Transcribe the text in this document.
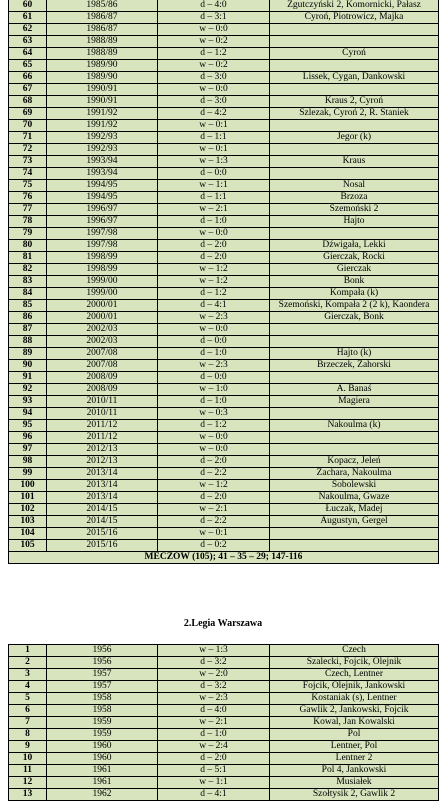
60	1985/86	d – 4:0	Zgutczyński 2, Komornicki, Pałasz
61	1986/87	d – 3:1	Cyroń, Piotrowicz, Majka
62	1986/87	w – 0:0	
63	1988/89	w – 0:2	
64	1988/89	d – 1:2	Cyroń
65	1989/90	w – 0:2	
66	1989/90	d – 3:0	Lissek, Cygan, Dankowski
67	1990/91	w – 0:0	
68	1990/91	d – 3:0	Kraus 2, Cyroń
69	1991/92	d – 4:2	Szlezak, Cyroń 2, R. Staniek
70	1991/92	w – 0:1	
71	1992/93	d – 1:1	Jegor (k)
72	1992/93	w – 0:1	
73	1993/94	w – 1:3	Kraus
74	1993/94	d – 0:0	
75	1994/95	w – 1:1	Nosal
76	1994/95	d – 1:1	Brzoza
77	1996/97	w – 2:1	Szemoński 2
78	1996/97	d – 1:0	Hajto
79	1997/98	w – 0:0	
80	1997/98	d – 2:0	Dźwigała, Lekki
81	1998/99	d – 2:0	Gierczak, Rocki
82	1998/99	w – 1:2	Gierczak
83	1999/00	w – 1:2	Bonk
84	1999/00	d – 1:2	Kompała (k)
85	2000/01	d – 4:1	Szemoński, Kompała 2 (2 k), Kaondera
86	2000/01	w – 2:3	Gierczak, Bonk
87	2002/03	w – 0:0	
88	2002/03	d – 0:0	
89	2007/08	d – 1:0	Hajto (k)
90	2007/08	w – 2:3	Brzeczek, Zahorski
91	2008/09	d – 0:0	
92	2008/09	w – 1:0	A. Banaś
93	2010/11	d – 1:0	Magiera
94	2010/11	w – 0:3	
95	2011/12	d – 1:2	Nakoulma (k)
96	2011/12	w – 0:0	
97	2012/13	w – 0:0	
98	2012/13	d – 2:0	Kopacz, Jeleń
99	2013/14	d – 2:2	Zachara, Nakoulma
100	2013/14	w – 1:2	Sobolewski
101	2013/14	d – 2:0	Nakoulma, Gwaze
102	2014/15	w – 2:1	Łuczak, Madej
103	2014/15	d – 2:2	Augustyn, Gergel
104	2015/16	w – 0:1	
105	2015/16	d – 0:2	
MECZÓW (105); 41 – 35 – 29; 147-116			
2.Legia Warszawa
1	1956	w – 1:3	Czech
2	1956	d – 3:2	Szalecki, Fojcik, Olejnik
3	1957	w – 2:0	Czech, Lentner
4	1957	d – 3:2	Fojcik, Olejnik, Jankowski
5	1958	w – 2:3	Kostaniak (s), Lentner
6	1958	d – 4:0	Gawlik 2, Jankowski, Fojcik
7	1959	w – 2:1	Kowal, Jan Kowalski
8	1959	d – 1:0	Pol
9	1960	w – 2:4	Lentner, Pol
10	1960	d – 2:0	Lentner 2
11	1961	d – 5:1	Pol 4, Jankowski
12	1961	w – 1:1	Musiałek
13	1962	d – 4:1	Szołtysik 2, Gawlik 2
